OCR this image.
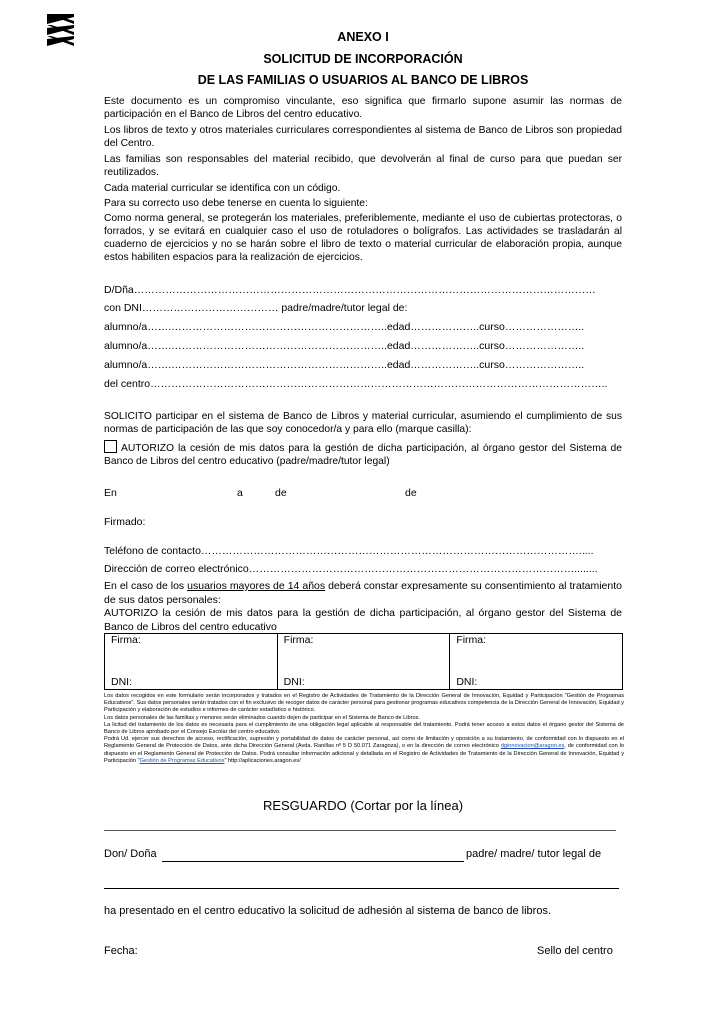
ANEXO I
SOLICITUD DE INCORPORACIÓN
DE LAS FAMILIAS O USUARIOS AL BANCO DE LIBROS
Este documento es un compromiso vinculante, eso significa que firmarlo supone asumir las normas de participación en el Banco de Libros del centro educativo.
Los libros de texto y otros materiales curriculares correspondientes al sistema de Banco de Libros son propiedad del Centro.
Las familias son responsables del material recibido, que devolverán al final de curso para que puedan ser reutilizados.
Cada material curricular se identifica con un código.
Para su correcto uso debe tenerse en cuenta lo siguiente:
Como norma general, se protegerán los materiales, preferiblemente, mediante el uso de cubiertas protectoras, o forrados, y se evitará en cualquier caso el uso de rotuladores o bolígrafos. Las actividades se trasladarán al cuaderno de ejercicios y no se harán sobre el libro de texto o material curricular de elaboración propia, aunque estos habiliten espacios para la realización de ejercicios.
D/Dña……………………………………………………………………………………………………………………
con DNI………………………………… padre/madre/tutor legal de:
alumno/a…….……………………………………………………..edad………………..curso…………………..
alumno/a…….……………………………………………………..edad………………..curso…………………..
alumno/a…….……………………………………………………..edad………………..curso…………………..
del centro…………………………………………………………………………………………………………………..
SOLICITO participar en el sistema de Banco de Libros y material curricular, asumiendo el cumplimiento de sus normas de participación de las que soy conocedor/a y para ello (marque casilla):
AUTORIZO la cesión de mis datos para la gestión de dicha participación, al órgano gestor del Sistema de Banco de Libros del centro educativo (padre/madre/tutor legal)
En	a	de	de
Firmado:
Teléfono de contacto……………………………………………………………………………………………….....
Dirección de correo electrónico…………………………………………………………………………………........
En el caso de los usuarios mayores de 14 años deberá constar expresamente su consentimiento al tratamiento de sus datos personales:
AUTORIZO la cesión de mis datos para la gestión de dicha participación, al órgano gestor del Sistema de Banco de Libros del centro educativo
Firma:
DNI:
	Firma:
DNI:
	Firma:
DNI:

Los datos recogidos en este formulario serán incorporados y tratados en el Registro de Actividades de Tratamiento de la Dirección General de Innovación, Equidad y Participación "Gestión de Programas Educativos". Sus datos personales serán tratados con el fin exclusivo de recoger datos de carácter personal para gestionar programas educativos competencia de la Dirección General de Innovación, Equidad y Participación y elaboración de estudios e informes de carácter estadístico e histórico.

Los datos personales de las familias y menores serán eliminados cuando dejen de participar en el Sistema de Banco de Libros.

La licitud del tratamiento de los datos es necesaria para el cumplimiento de una obligación legal aplicable al responsable del tratamiento. Podrá tener acceso a estos datos el órgano gestor del Sistema de Banco de Libros aprobado por el Consejo Escolar del centro educativo.

Podrá Ud. ejercer sus derechos de acceso, rectificación, supresión y portabilidad de datos de carácter personal, así como de limitación y oposición a su tratamiento, de conformidad con lo dispuesto en el Reglamento General de Protección de Datos, ante dicha Dirección General (Avda. Ranillas nº 5 D 50.071 Zaragoza), o en la dirección de correo electrónico dginnovacion@aragon.es, de conformidad con lo dispuesto en el Reglamento General de Protección de Datos. Podrá consultar información adicional y detallada en el Registro de Actividades de Tratamiento de la Dirección General de Innovación, Equidad y Participación "Gestión de Programas Educativos" http://aplicaciones.aragon.es/

RESGUARDO (Cortar por la línea)
Don/ Doña	padre/ madre/ tutor legal de
ha presentado en el centro educativo la solicitud de adhesión al sistema de banco de libros.
Fecha:	Sello del centro
